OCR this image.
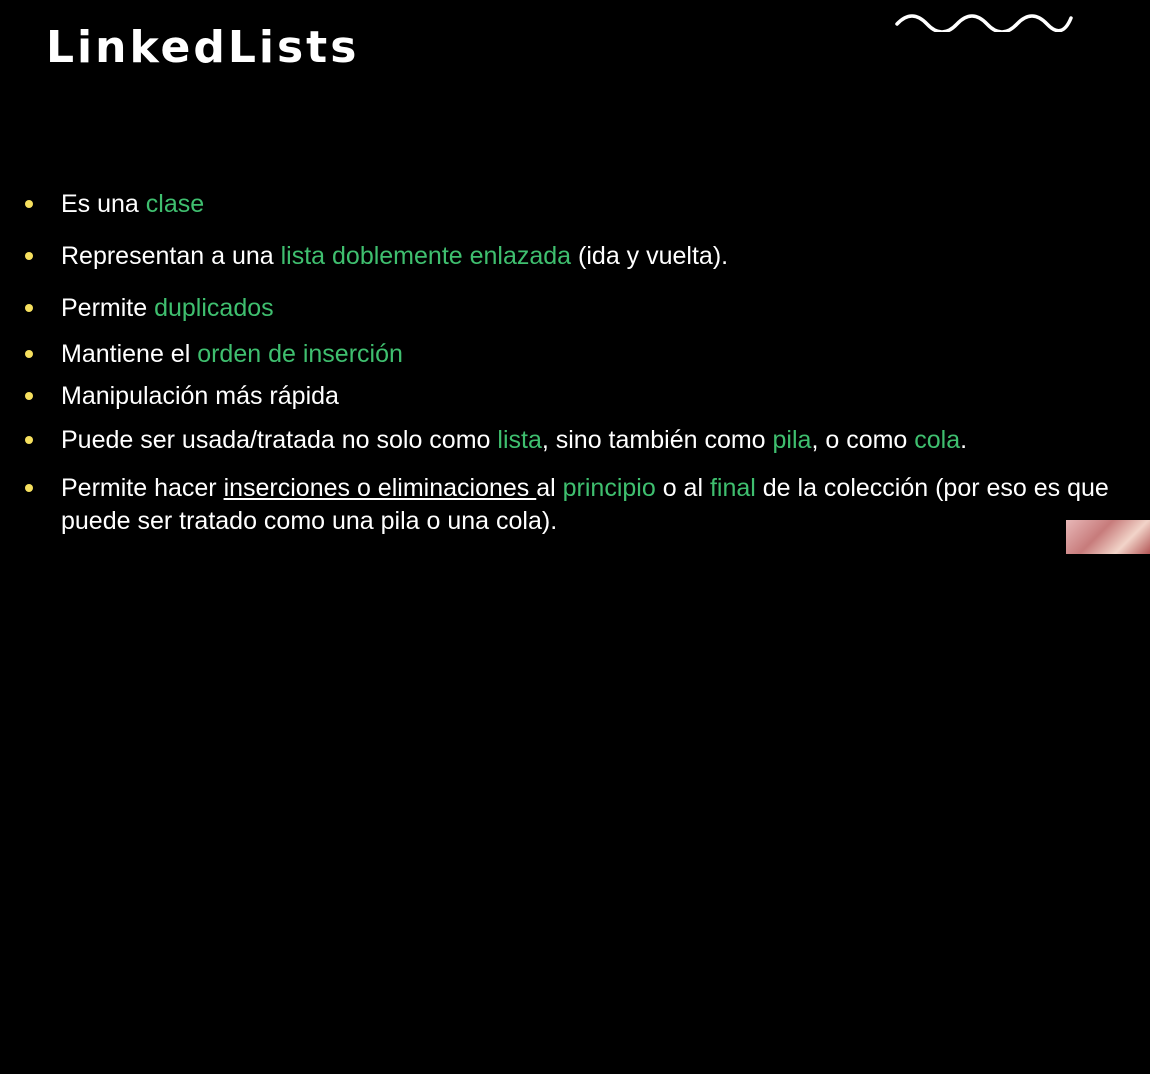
LinkedLists
Es una clase
Representan a una lista doblemente enlazada (ida y vuelta).
Permite duplicados
Mantiene el orden de inserción
Manipulación más rápida
Puede ser usada/tratada no solo como lista, sino también como pila, o como cola.
Permite hacer inserciones o eliminaciones al principio o al final de la colección (por eso es que puede ser tratado como una pila o una cola).
